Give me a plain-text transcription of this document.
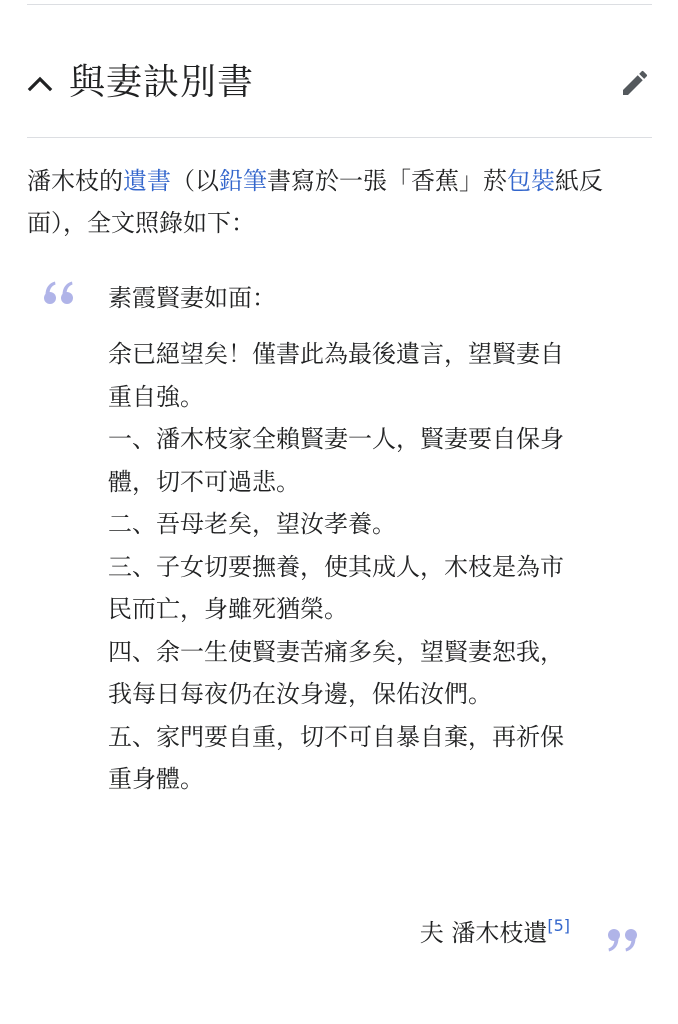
與妻訣別書

潘木枝的遺書（以鉛筆書寫於一張「香蕉」菸包裝紙反面），全文照錄如下：

素霞賢妻如面：

余已絕望矣！僅書此為最後遺言，望賢妻自重自強。
一、潘木枝家全賴賢妻一人，賢妻要自保身體，切不可過悲。
二、吾母老矣，望汝孝養。
三、子女切要撫養，使其成人，木枝是為市民而亡，身雖死猶榮。
四、余一生使賢妻苦痛多矣，望賢妻恕我，我每日每夜仍在汝身邊，保佑汝們。
五、家門要自重，切不可自暴自棄，再祈保重身體。
夫 潘木枝遺[5]
